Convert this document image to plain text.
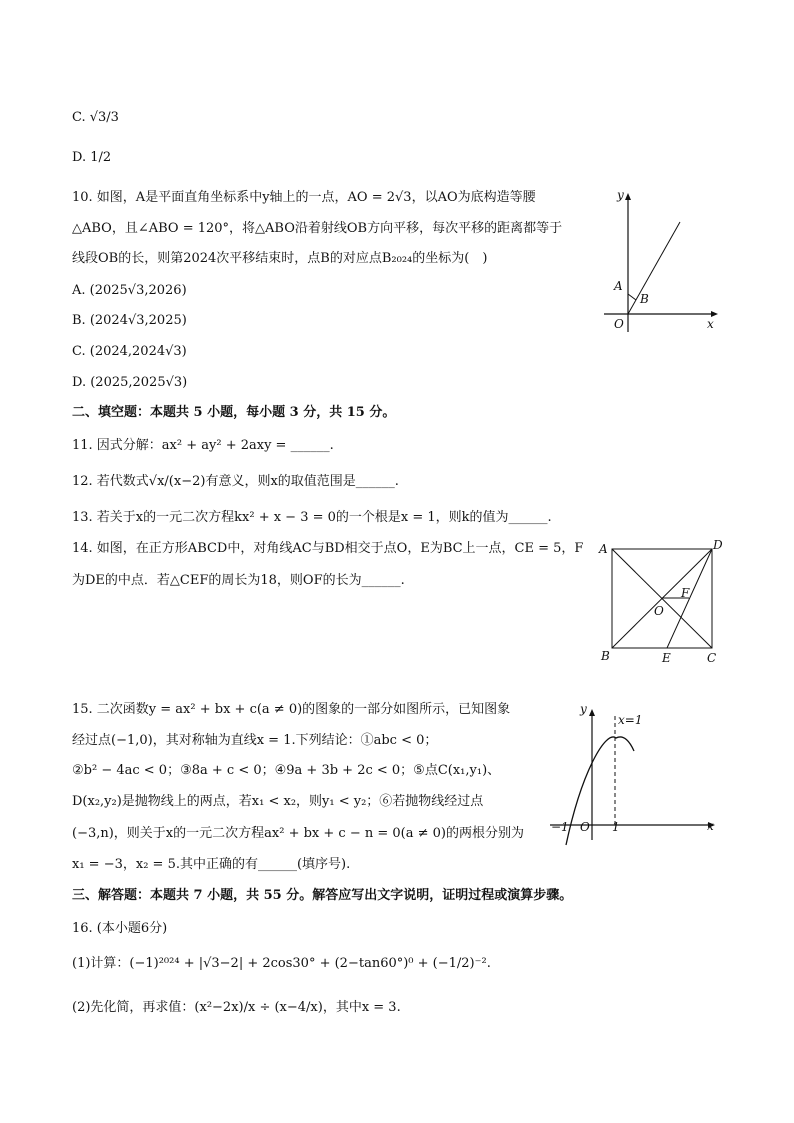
C. √3/3
D. 1/2
10. 如图，A是平面直角坐标系中y轴上的一点，AO = 2√3，以AO为底构造等腰
△ABO，且∠ABO = 120°，将△ABO沿着射线OB方向平移，每次平移的距离都等于
线段OB的长，则第2024次平移结束时，点B的对应点B₂₀₂₄的坐标为(　)
A. (2025√3,2026)
B. (2024√3,2025)
C. (2024,2024√3)
D. (2025,2025√3)
二、填空题：本题共 5 小题，每小题 3 分，共 15 分。
11. 因式分解：ax² + ay² + 2axy = ______.
12. 若代数式√x/(x−2)有意义，则x的取值范围是______.
13. 若关于x的一元二次方程kx² + x − 3 = 0的一个根是x = 1，则k的值为______.
14. 如图，在正方形ABCD中，对角线AC与BD相交于点O，E为BC上一点，CE = 5，F
为DE的中点．若△CEF的周长为18，则OF的长为______.
15. 二次函数y = ax² + bx + c(a ≠ 0)的图象的一部分如图所示，已知图象
经过点(−1,0)，其对称轴为直线x = 1.下列结论：①abc < 0；
②b² − 4ac < 0；③8a + c < 0；④9a + 3b + 2c < 0；⑤点C(x₁,y₁)、
D(x₂,y₂)是抛物线上的两点，若x₁ < x₂，则y₁ < y₂；⑥若抛物线经过点
(−3,n)，则关于x的一元二次方程ax² + bx + c − n = 0(a ≠ 0)的两根分别为
x₁ = −3，x₂ = 5.其中正确的有______(填序号).
三、解答题：本题共 7 小题，共 55 分。解答应写出文字说明，证明过程或演算步骤。
16. (本小题6分)
(1)计算：(−1)²⁰²⁴ + |√3−2| + 2cos30° + (2−tan60°)⁰ + (−1/2)⁻².
(2)先化简，再求值：(x²−2x)/x ÷ (x−4/x)，其中x = 3.
y
x
O
A
B
A	D
B	C
O
F
E
y
x
O
−1	1
x=1
